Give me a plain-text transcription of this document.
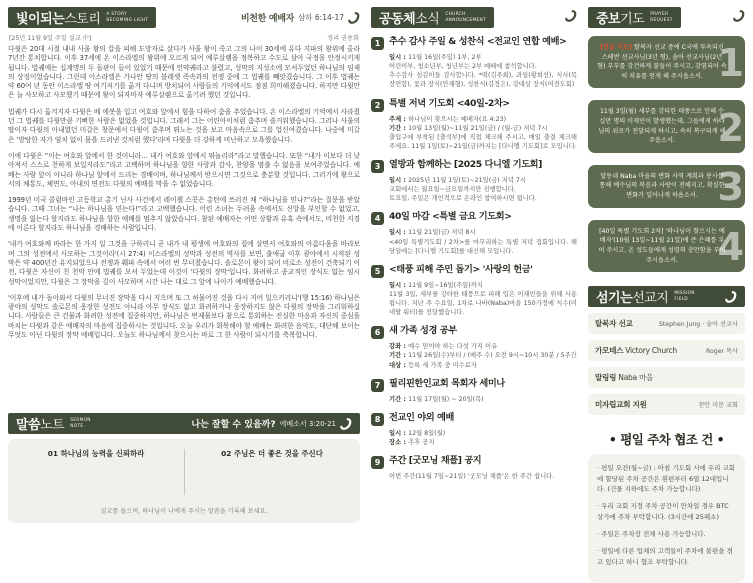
빛이되는 스토리 A STORY
BECOMING LIGHT	비천한 예배자 삼하 6:14-17
[25년 11월 9일 주일 설교 中]	정리 권용회

다윗은 20대 시절 내내 사울 왕의 칼을 피해 도망자로 살다가 사울 왕이 죽고 그의 나이 30세에 유다 지파의 왕위에 올라 7년간 통치합니다. 이후 37세에 온 이스라엘의 왕위에 오르게 되어 예루살렘을 정복하고 수도로 삼아 국정을 안정시키게 됩니다. 법궤에는 십계명의 두 돌판이 들어 있었기 때문에 언약궤라고 불렸고, 성막의 지성소에 모셔두었던 하나님의 임재의 상징이었습니다. 그런데 이스라엘은 가나안 땅의 블레셋 족속과의 전쟁 중에 그 법궤를 빼앗겼습니다. 그 이후 법궤는 약 60여 년 동안 이스라엘 땅 여기저기를 옮겨 다니며 방치되어 사람들의 기억에서도 점점 희미해졌습니다. 하지만 다윗만은 늘 사모하고 사모했기 때문에 왕이 되자마자 예루살렘으로 옮기려 했던 것입니다.

법궤가 다시 옮겨지자 다윗은 베 에봇을 입고 여호와 앞에서 힘을 다하여 춤을 추었습니다. 온 이스라엘의 기억에서 사라졌던 그 법궤를 다윗만큼 기뻐한 사람은 없었을 것입니다. 그래서 그는 어린아이처럼 춤추며 즐거워했습니다. 그러나 사울의 딸이자 다윗의 아내였던 미갈은 창문에서 다윗이 춤추며 뛰노는 것을 보고 마음속으로 그를 업신여겼습니다. 나중에 미갈은 '방탕한 자가 염치 없이 몸을 드러낸 것처럼 했다'라며 다윗을 더 강하게 비난하고 모욕했습니다.

이에 다윗은 “이는 여호와 앞에서 한 것이니라… 내가 여호와 앞에서 뛰놀리라”라고 말했습니다. 또한 “내가 이보다 더 낮아져서 스스로 천하게 보일지라도”라고 고백하며 하나님을 향한 사랑과 감사, 찬양을 멈출 수 없음을 보여주었습니다. 예배는 사람 앞이 아니라 하나님 앞에서 드리는 경배이며, 하나님께서 받으시면 그것으로 충분할 것입니다. 그러기에 왕으로서의 체통도, 체면도, 아내의 면전도 다윗의 예배를 막을 수 없었습니다.

1999년 미국 콜럼바인 고등학교 총기 난사 사건에서 레이첼 스콧은 총탄에 쓰러진 채 “하나님을 믿나?”라는 질문을 받았습니다. 그때 그녀는 “나는 하나님을 믿는다!”라고 고백했습니다. 어린 소녀는 두려움 속에서도 신앙을 부인할 수 없었고, 생명을 잃는다 할지라도 하나님을 향한 예배를 멈추지 않았습니다. 참된 예배자는 어떤 상황과 유혹 속에서도, 비천한 지경에 이른다 할지라도 하나님을 경배하는 사람입니다.

'내가 여호와께 바라는 한 가지 일 그것을 구하리니 곧 내가 내 평생에 여호와의 집에 살면서 여호와의 아름다움을 바라보며 그의 성전에서 사모하는 그것이라'(시 27:4) 이스라엘의 성막과 성전의 역사를 보면, 출애굽 이후 광야에서 시작된 성막은 약 400년간 유지되었으나 전쟁과 훼파 속에서 여러 번 무너졌습니다. 솔로몬이 왕이 되어 비로소 성전이 건축되기 이전, 다윗은 자신이 친 천막 안에 법궤를 모셔 두었는데 이것이 '다윗의 장막'입니다. 화려하고 종교적인 장식도 없는 임시 성막이었지만, 다윗은 그 장막을 깊이 사모하며 시간 나는 대로 그 앞에 나아가 예배했습니다.

'이후에 내가 돌아와서 다윗의 무너진 장막을 다시 지으며 또 그 허물어진 것을 다시 지어 일으키리니'(행 15:16) 하나님은 광야의 성막도 솔로몬의 웅장한 성전도 아니라 아무 장식도 없고 화려하거나 웅장하지도 않은 다윗의 장막을 그리워하십니다. 사람들은 큰 건물과 화려한 성전에 집중하지만, 하나님은 번제물보다 참으로 통회하는 진실한 마음과 자신의 중심을 바치는 다윗과 같은 예배자의 마음에 집중하시는 것입니다. 오늘 우리가 회복해야 할 예배는 화려한 음악도, 대단해 보이는 무엇도 아닌 다윗의 장막 예배입니다. 오늘도 하나님께서 찾으시는 바로 그 한 사람이 되시기를 축복합니다.

말씀 노트 SERMON
NOTE	나는 잘할 수 있을까? 에베소서 3:20-21
01 하나님의 능력을 신뢰하라	02 주님은 더 좋은 것을 주신다
설교를 들으며, 하나님이 나에게 주시는 말씀을 기록해 보세요.
공동체 소식 CHURCH
ANNOUNCEMENT
1 추수 감사 주일 & 성찬식 <전교인 연합 예배>
일시 : 11월 16일(주일) 1부, 2부
어린이부, 청소년부, 청년부는 2부 예배에 참석합니다.
추수감사 섬김이들 감사합니다. *떡(김주희), 과일(황희선), 식사(목장연합), 꽃과 장식(안재형), 성찬식(김정은), 강대상 장식(여전도회)
2 특별 저녁 기도회 <40일-2차>
주제 : 하나님이 찾으시는 예배자(요 4:23)
기간 : 10월 13일(월)~11월 21일(금) / (월-금) 저녁 7시
출입구에 부착된 [출석부]에 직접 체크해 주시고, 매일 출결 체크해 주세요. 11월 1일(토)~21일(금)까지는 [다니엘 기도회]로 모입니다.
3 열방과 함께하는 [2025 다니엘 기도회]
일시 : 2025년 11월 1일(토)~21일(금) 저녁 7시
교회에서는 월요일~금요일까지만 진행합니다.
토요일, 주일은 개인적으로 온라인 참여하시면 됩니다.
4 40일 마감 <특별 금요 기도회>
일시 : 11월 21일(금) 저녁 8시
<40일 특별기도회 / 2차>를 마무리하는 특별 저녁 집회입니다. 해당일에는 [다니엘 기도회]를 대신해 모입니다.
5 <태풍 피해 주민 돕기> '사랑의 헌금'
일시 : 11월 9일~16일(주일)까지
11월 3일, 세부를 강타한 태풍으로 피해 입은 이재민들을 위해 사용됩니다. 지난 주 수요일, 1차로 나바(Naba)마을 150가정에 식수(미네랄 워터)를 전달했습니다.
6 새 가족 성경 공부
강좌 : 예수 믿어야 하는 다섯 가지 이유
기간 : 11월 26일(수)부터 / (매주 수) 오전 9시~10시 30분 / 5주간
대상 : 등록 새 가족 중 미수료자
7 필리핀한인교회 목회자 세미나
기간 : 11월 17일(월) ~ 20일(목)
8 전교인 야외 예배
일시 : 12월 8일(월)
장소 : 추후 공지
9 주간 [굿모닝 채플] 공지
이번 주간(11월 7일~21일) '굿모닝 채플'은 한 주간 쉽니다.
중보 기도 PRAYER
REQUEST
[긴급 기도] 탈북자 선교 중에 C국에 투옥되신 스테반 선교사님(3년 형), 솔아 선교사님(2년 형) 부부를 강건하게 붙들어 주시고, 감염되어 속히 치유를 얻게 해 주시옵소서. 1
11월 3일(월) 세부를 강타한 태풍으로 인해 수십만 명의 이재민이 발생했는데, 그들에게 하나님의 위로가 전달되게 하시고, 속히 복구되게 해 주옵소서.	2
달동네 Naba 마을의 변화 사역 계획과 봉사를 통해 예수님의 복음과 사랑이 전해지고, 확실한 변화가 일어나게 하옵소서. 3
[40일 특별 기도회 2차] '하나님이 찾으시는 예배자'(10월 13일~11월 21일)에 큰 은혜를 부어 주시고, 온 성도들에게 성령의 충만함을 부어 주시옵소서.	4
섬기는 선교지 MISSION
FIELD
탈북자 선교	Stephen Jung · 솔아 선교사
가모테스 Victory Church	Roger 목사
말링링 Naba 마을
미자립교회 지원	천안 미문 교회
• 평일 주차 협조 건 •

· 평일 오전(월~금) : 아침 기도회 시에 우리 교회에 할당된 주차 공간은 왼편부터 6열 12대입니다. (건물 지하에도 주차 가능합니다)

· 우리 교회 지정 주차 공간이 만차일 경우 BTC 상가에 주차 부탁합니다. (3시간에 25페소)

· 주일은 주차장 전체 사용 가능합니다.

· 평일에 다른 업체의 고객들이 주차에 불편을 겪고 있다고 하니 협조 부탁합니다.
